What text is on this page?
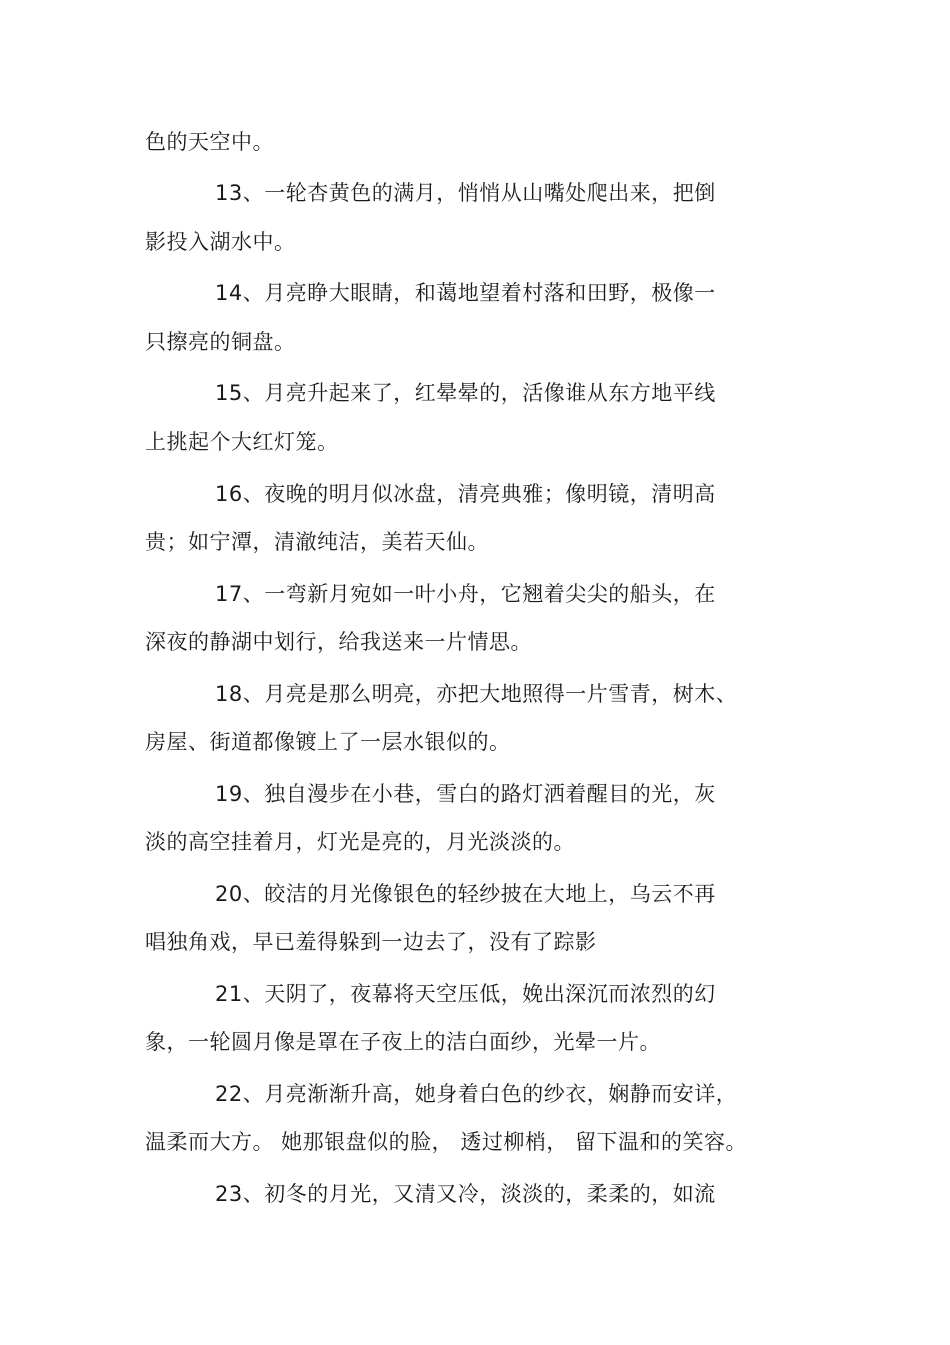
色的天空中。
13、一轮杏黄色的满月，悄悄从山嘴处爬出来，把倒
影投入湖水中。
14、月亮睁大眼睛，和蔼地望着村落和田野，极像一
只擦亮的铜盘。
15、月亮升起来了，红晕晕的，活像谁从东方地平线
上挑起个大红灯笼。
16、夜晚的明月似冰盘，清亮典雅；像明镜，清明高
贵；如宁潭，清澈纯洁，美若天仙。
17、一弯新月宛如一叶小舟，它翘着尖尖的船头，在
深夜的静湖中划行，给我送来一片情思。
18、月亮是那么明亮，亦把大地照得一片雪青，树木、
房屋、街道都像镀上了一层水银似的。
19、独自漫步在小巷，雪白的路灯洒着醒目的光，灰
淡的高空挂着月，灯光是亮的，月光淡淡的。
20、皎洁的月光像银色的轻纱披在大地上，乌云不再
唱独角戏，早已羞得躲到一边去了，没有了踪影
21、天阴了，夜幕将天空压低，娩出深沉而浓烈的幻
象，一轮圆月像是罩在子夜上的洁白面纱，光晕一片。
22、月亮渐渐升高，她身着白色的纱衣，娴静而安详，
温柔而大方。 她那银盘似的脸， 透过柳梢， 留下温和的笑容。
23、初冬的月光，又清又冷，淡淡的，柔柔的，如流
